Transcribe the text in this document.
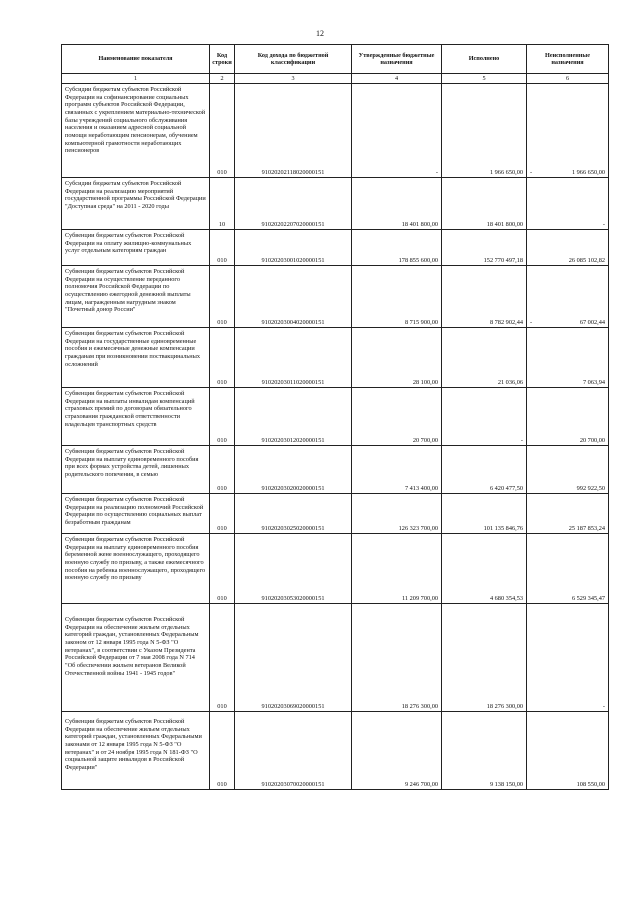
12
Наименование показателя	Код строки	Код дохода по бюджетной классификации	Утвержденные бюджетные назначения	Исполнено	Неисполненные назначения
1	2	3	4	5	6
Субсидии бюджетам субъектов Российской Федерации на софинансирование социальных программ субъектов Российской Федерации, связанных с укреплением материально-технической базы учреждений социального обслуживания населения и оказанием адресной социальной помощи неработающим пенсионерам, обучением компьютерной грамотности неработающих пенсионеров	010	91020202118020000151	-	1 966 650,00	- 1 966 650,00
Субсидии бюджетам субъектов Российской Федерации на реализацию мероприятий государственной программы Российской Федерации "Доступная среда" на 2011 - 2020 годы	10	91020202207020000151	18 401 800,00	18 401 800,00	-
Субвенции бюджетам субъектов Российской Федерации на оплату жилищно-коммунальных услуг отдельным категориям граждан	010	91020203001020000151	178 855 600,00	152 770 497,18	26 085 102,82
Субвенции бюджетам субъектов Российской Федерации на осуществление переданного полномочия Российской Федерации по осуществлению ежегодной денежной выплаты лицам, награжденным нагрудным знаком "Почетный донор России"	010	91020203004020000151	8 715 900,00	8 782 902,44	- 67 002,44
Субвенции бюджетам субъектов Российской Федерации на государственные единовременные пособия и ежемесячные денежные компенсации гражданам при возникновении поствакцинальных осложнений	010	91020203011020000151	28 100,00	21 036,06	7 063,94
Субвенции бюджетам субъектов Российской Федерации на выплаты инвалидам компенсаций страховых премий по договорам обязательного страхования гражданской ответственности владельцев транспортных средств	010	91020203012020000151	20 700,00	-	20 700,00
Субвенции бюджетам субъектов Российской Федерации на выплату единовременного пособия при всех формах устройства детей, лишенных родительского попечения, в семью	010	91020203020020000151	7 413 400,00	6 420 477,50	992 922,50
Субвенции бюджетам субъектов Российской Федерации на реализацию полномочий Российской Федерации по осуществлению социальных выплат безработным гражданам	010	91020203025020000151	126 323 700,00	101 135 846,76	25 187 853,24
Субвенции бюджетам субъектов Российской Федерации на выплату единовременного пособия беременной жене военнослужащего, проходящего военную службу по призыву, а также ежемесячного пособия на ребенка военнослужащего, проходящего военную службу по призыву	010	91020203053020000151	11 209 700,00	4 680 354,53	6 529 345,47
Субвенции бюджетам субъектов Российской Федерации на обеспечение жильем отдельных категорий граждан, установленных Федеральным законом от 12 января 1995 года N 5-ФЗ "О ветеранах", в соответствии с Указом Президента Российской Федерации от 7 мая 2008 года N 714 "Об обеспечении жильем ветеранов Великой Отечественной войны 1941 - 1945 годов"	010	91020203069020000151	18 276 300,00	18 276 300,00	-
Субвенции бюджетам субъектов Российской Федерации на обеспечение жильем отдельных категорий граждан, установленных Федеральными законами от 12 января 1995 года N 5-ФЗ "О ветеранах" и от 24 ноября 1995 года N 181-ФЗ "О социальной защите инвалидов в Российской Федерации"	010	91020203070020000151	9 246 700,00	9 138 150,00	108 550,00
